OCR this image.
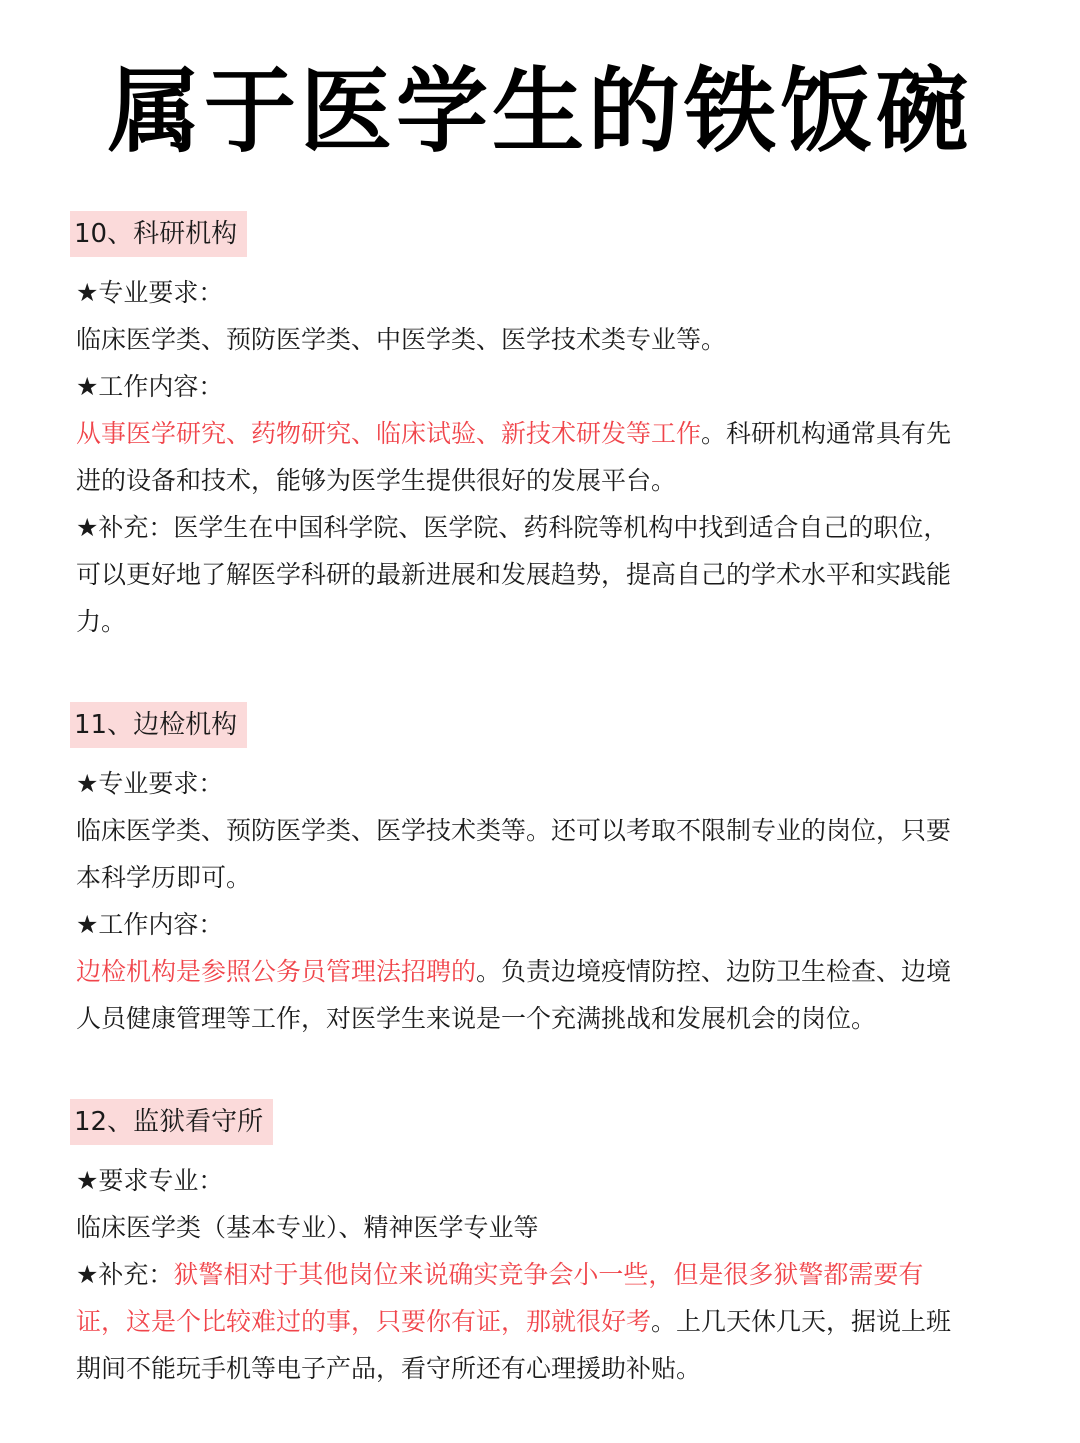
属于医学生的铁饭碗
10、科研机构
★专业要求：
临床医学类、预防医学类、中医学类、医学技术类专业等。
★工作内容：
从事医学研究、药物研究、临床试验、新技术研发等工作。科研机构通常具有先
进的设备和技术，能够为医学生提供很好的发展平台。
★补充：医学生在中国科学院、医学院、药科院等机构中找到适合自己的职位，
可以更好地了解医学科研的最新进展和发展趋势，提高自己的学术水平和实践能
力。
11、边检机构
★专业要求：
临床医学类、预防医学类、医学技术类等。还可以考取不限制专业的岗位，只要
本科学历即可。
★工作内容：
边检机构是参照公务员管理法招聘的。负责边境疫情防控、边防卫生检查、边境
人员健康管理等工作，对医学生来说是一个充满挑战和发展机会的岗位。
12、监狱看守所
★要求专业：
临床医学类（基本专业）、精神医学专业等
★补充：狱警相对于其他岗位来说确实竞争会小一些，但是很多狱警都需要有
证，这是个比较难过的事，只要你有证，那就很好考。上几天休几天，据说上班
期间不能玩手机等电子产品，看守所还有心理援助补贴。
